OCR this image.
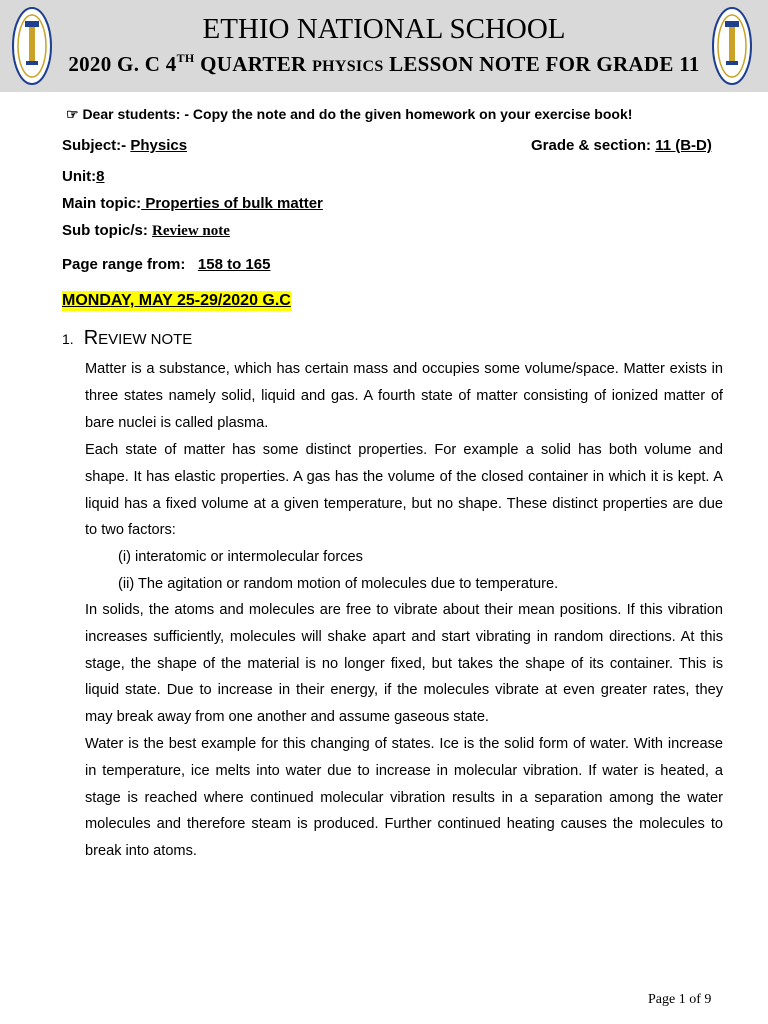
ETHIO NATIONAL SCHOOL
2020 G. C 4TH QUARTER PHYSICS LESSON NOTE FOR GRADE 11
☞ Dear students: - Copy the note and do the given homework on your exercise book!
Subject:- Physics	Grade & section: 11 (B-D)
Unit:8
Main topic: Properties of bulk matter
Sub topic/s: Review note
Page range from: 158 to 165
MONDAY, MAY 25-29/2020 G.C
1. REVIEW NOTE
Matter is a substance, which has certain mass and occupies some volume/space. Matter exists in three states namely solid, liquid and gas. A fourth state of matter consisting of ionized matter of bare nuclei is called plasma.
Each state of matter has some distinct properties. For example a solid has both volume and shape. It has elastic properties. A gas has the volume of the closed container in which it is kept. A liquid has a fixed volume at a given temperature, but no shape. These distinct properties are due to two factors:
(i) interatomic or intermolecular forces
(ii) The agitation or random motion of molecules due to temperature.
In solids, the atoms and molecules are free to vibrate about their mean positions. If this vibration increases sufficiently, molecules will shake apart and start vibrating in random directions. At this stage, the shape of the material is no longer fixed, but takes the shape of its container. This is liquid state. Due to increase in their energy, if the molecules vibrate at even greater rates, they may break away from one another and assume gaseous state.
Water is the best example for this changing of states. Ice is the solid form of water. With increase in temperature, ice melts into water due to increase in molecular vibration. If water is heated, a stage is reached where continued molecular vibration results in a separation among the water molecules and therefore steam is produced. Further continued heating causes the molecules to break into atoms.
Page 1 of 9
